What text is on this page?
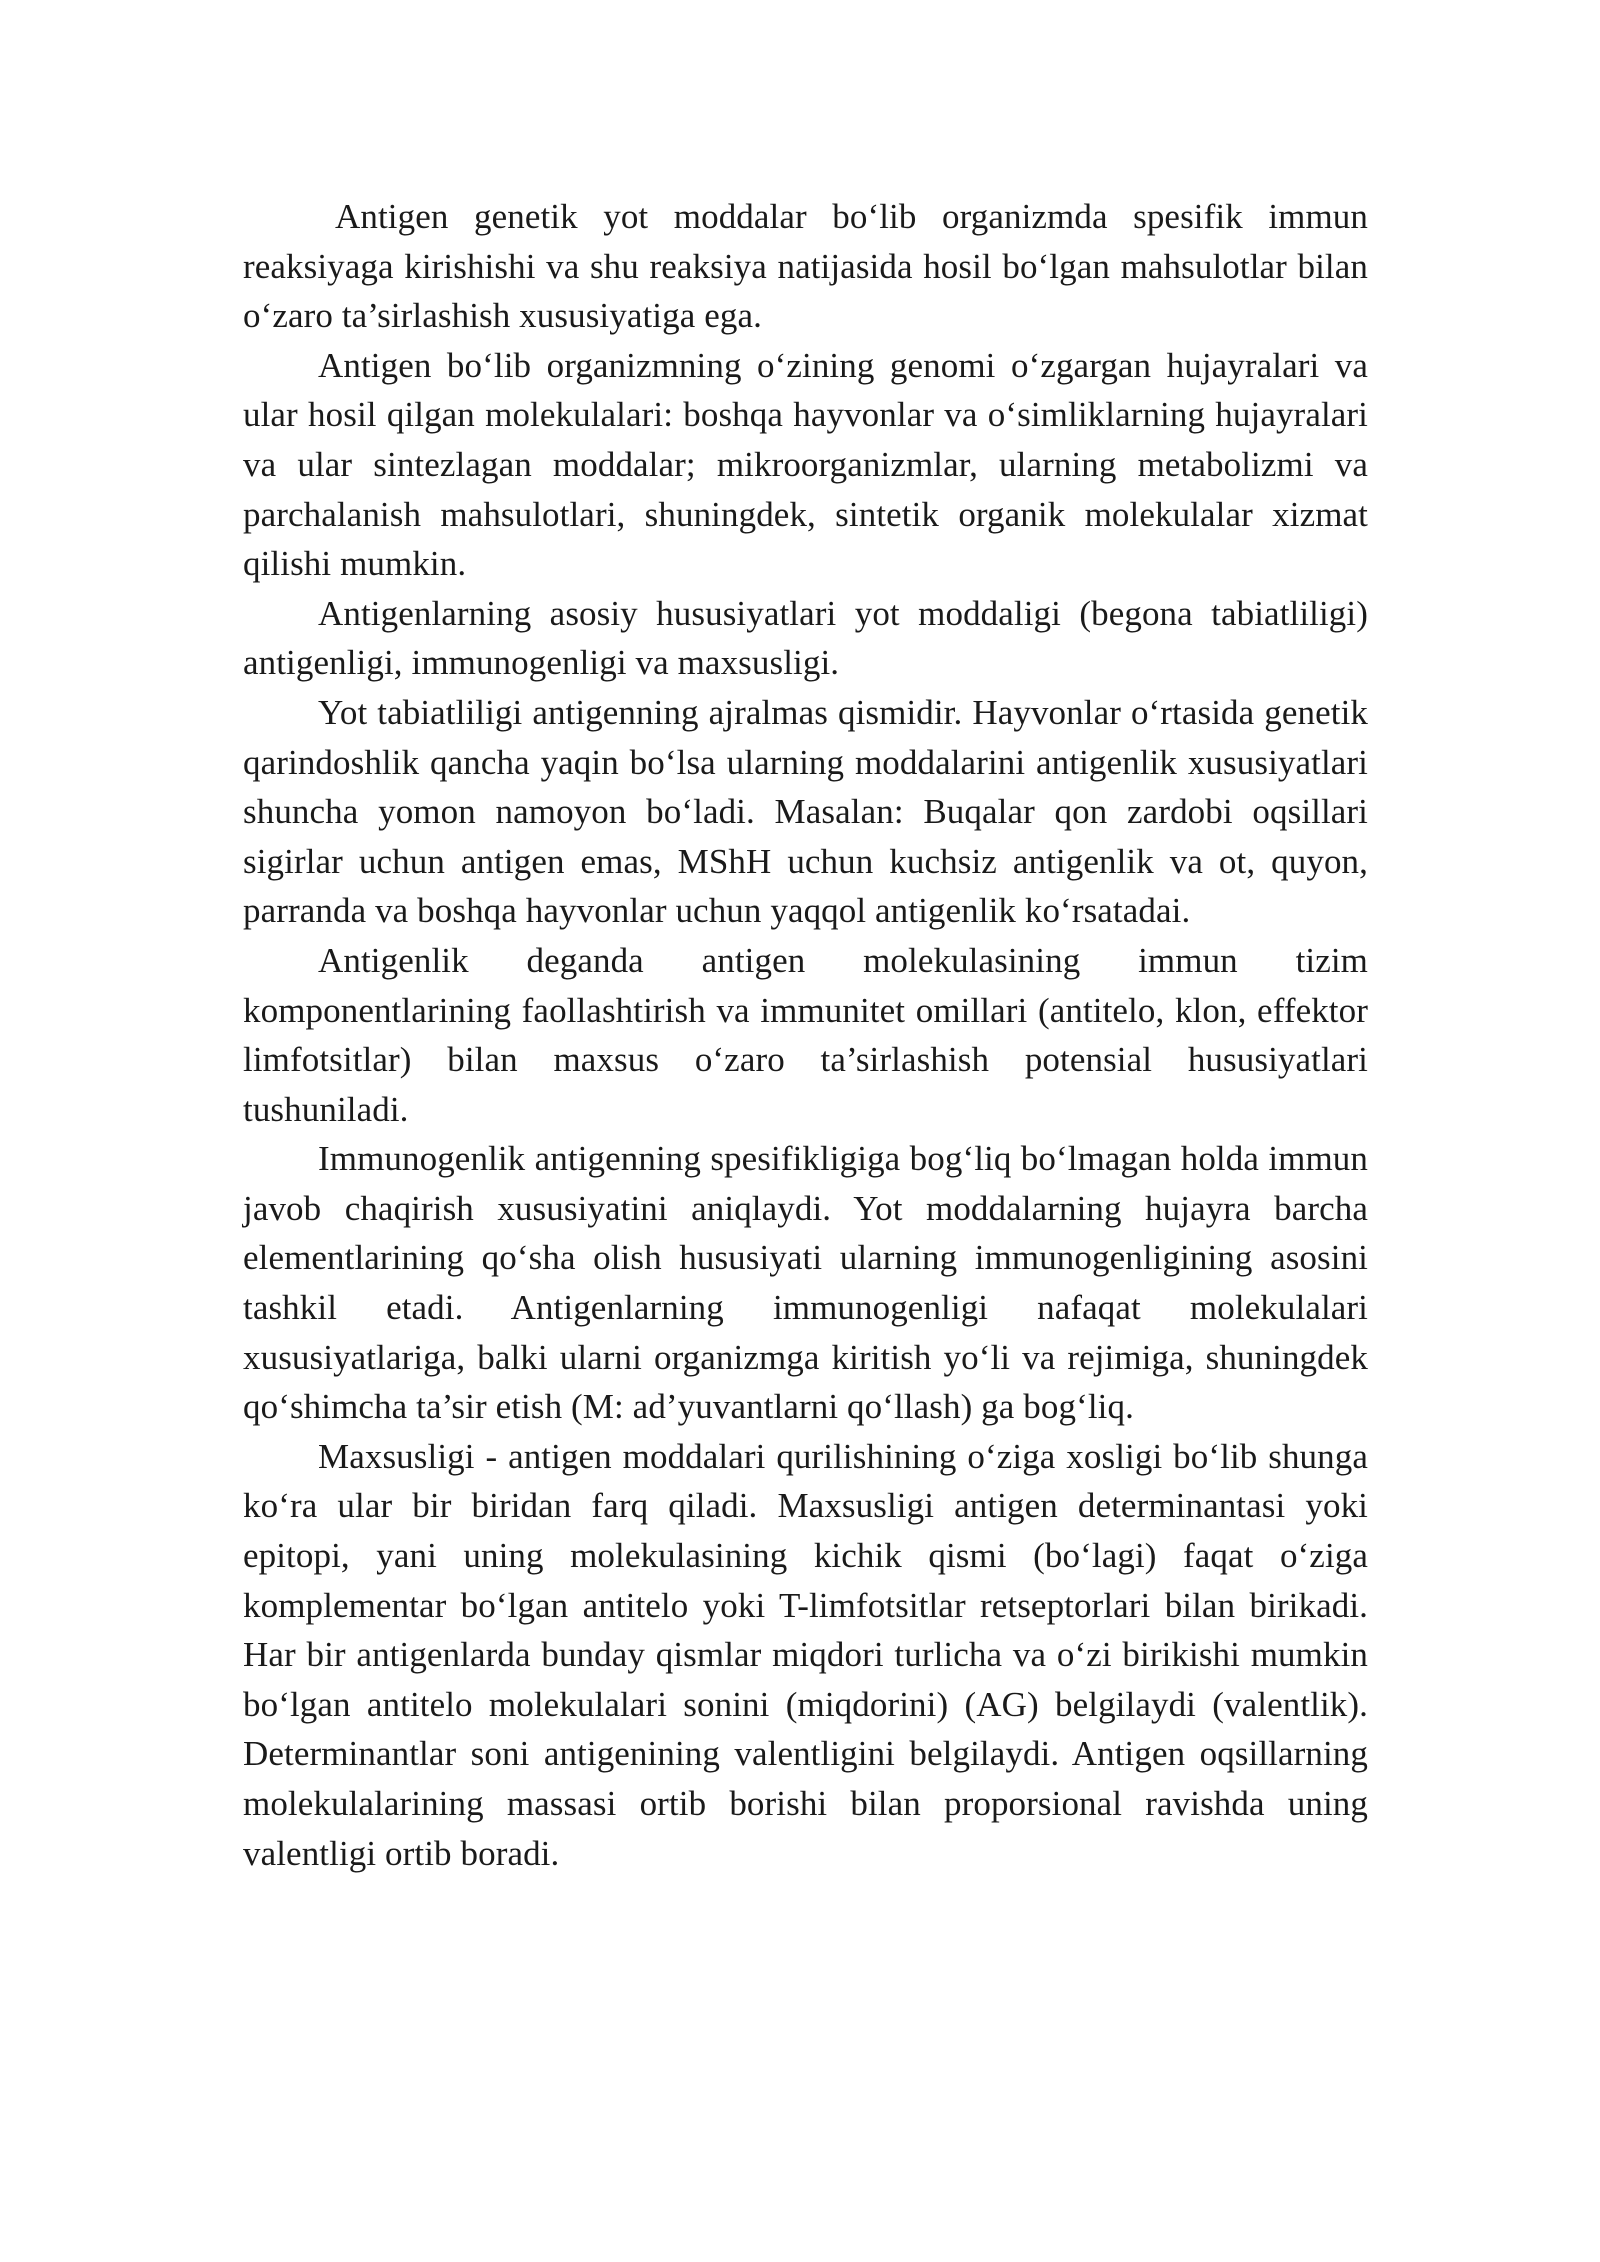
Antigen genetik yot moddalar bo‘lib organizmda spesifik immun reaksiyaga kirishishi va shu reaksiya natijasida hosil bo‘lgan mahsulotlar bilan o‘zaro ta’sirlashish xususiyatiga ega.

Antigen bo‘lib organizmning o‘zining genomi o‘zgargan hujayralari va ular hosil qilgan molekulalari: boshqa hayvonlar va o‘simliklarning hujayralari va ular sintezlagan moddalar; mikroorganizmlar, ularning metabolizmi va parchalanish mahsulotlari, shuningdek, sintetik organik molekulalar xizmat qilishi mumkin.

Antigenlarning asosiy hususiyatlari yot moddaligi (begona tabiatliligi) antigenligi, immunogenligi va maxsusligi.

Yot tabiatliligi antigenning ajralmas qismidir. Hayvonlar o‘rtasida genetik qarindoshlik qancha yaqin bo‘lsa ularning moddalarini antigenlik xususiyatlari shuncha yomon namoyon bo‘ladi. Masalan: Buqalar qon zardobi oqsillari sigirlar uchun antigen emas, MShH uchun kuchsiz antigenlik va ot, quyon, parranda va boshqa hayvonlar uchun yaqqol antigenlik ko‘rsatadai.

Antigenlik deganda antigen molekulasining immun tizim komponentlarining faollashtirish va immunitet omillari (antitelo, klon, effektor limfotsitlar) bilan maxsus o‘zaro ta’sirlashish potensial hususiyatlari tushuniladi.

Immunogenlik antigenning spesifikligiga bog‘liq bo‘lmagan holda immun javob chaqirish xususiyatini aniqlaydi. Yot moddalarning hujayra barcha elementlarining qo‘sha olish hususiyati ularning immunogenligining asosini tashkil etadi. Antigenlarning immunogenligi nafaqat molekulalari xususiyatlariga, balki ularni organizmga kiritish yo‘li va rejimiga, shuningdek qo‘shimcha ta’sir etish (M: ad’yuvantlarni qo‘llash) ga bog‘liq.

Maxsusligi - antigen moddalari qurilishining o‘ziga xosligi bo‘lib shunga ko‘ra ular bir biridan farq qiladi. Maxsusligi antigen determinantasi yoki epitopi, yani uning molekulasining kichik qismi (bo‘lagi) faqat o‘ziga komplementar bo‘lgan antitelo yoki T-limfotsitlar retseptorlari bilan birikadi. Har bir antigenlarda bunday qismlar miqdori turlicha va o‘zi birikishi mumkin bo‘lgan antitelo molekulalari sonini (miqdorini) (AG) belgilaydi (valentlik). Determinantlar soni antigenining valentligini belgilaydi. Antigen oqsillarning molekulalarining massasi ortib borishi bilan proporsional ravishda uning valentligi ortib boradi.
